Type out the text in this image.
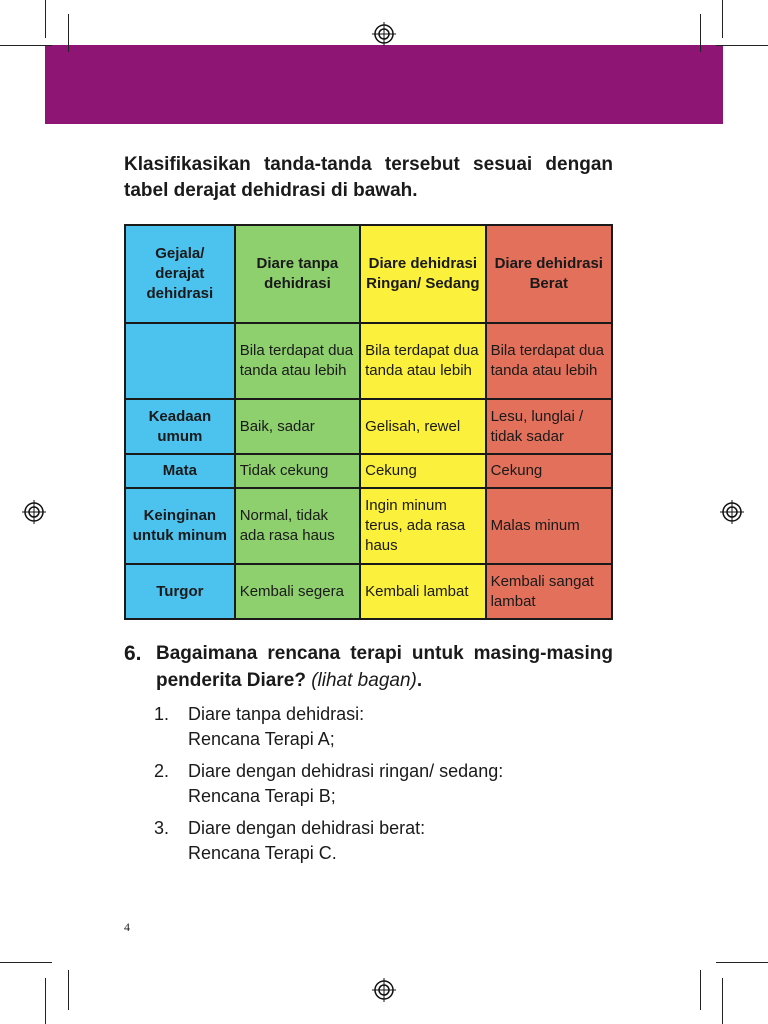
Klasifikasikan tanda-tanda tersebut sesuai dengan tabel derajat dehidrasi di bawah.
Gejala/ derajat dehidrasi	Diare tanpa dehidrasi	Diare dehidrasi Ringan/ Sedang	Diare dehidrasi Berat
	Bila terdapat dua tanda atau lebih	Bila terdapat dua tanda atau lebih	Bila terdapat dua tanda atau lebih
Keadaan umum	Baik, sadar	Gelisah, rewel	Lesu, lunglai / tidak sadar
Mata	Tidak cekung	Cekung	Cekung
Keinginan untuk minum	Normal, tidak ada rasa haus	Ingin minum terus, ada rasa haus	Malas minum
Turgor	Kembali segera	Kembali lambat	Kembali sangat lambat
6. Bagaimana rencana terapi untuk masing-masing penderita Diare? (lihat bagan).
1. Diare tanpa dehidrasi:
Rencana Terapi A;
2. Diare dengan dehidrasi ringan/ sedang:
Rencana Terapi B;
3. Diare dengan dehidrasi berat:
Rencana Terapi C.
4
